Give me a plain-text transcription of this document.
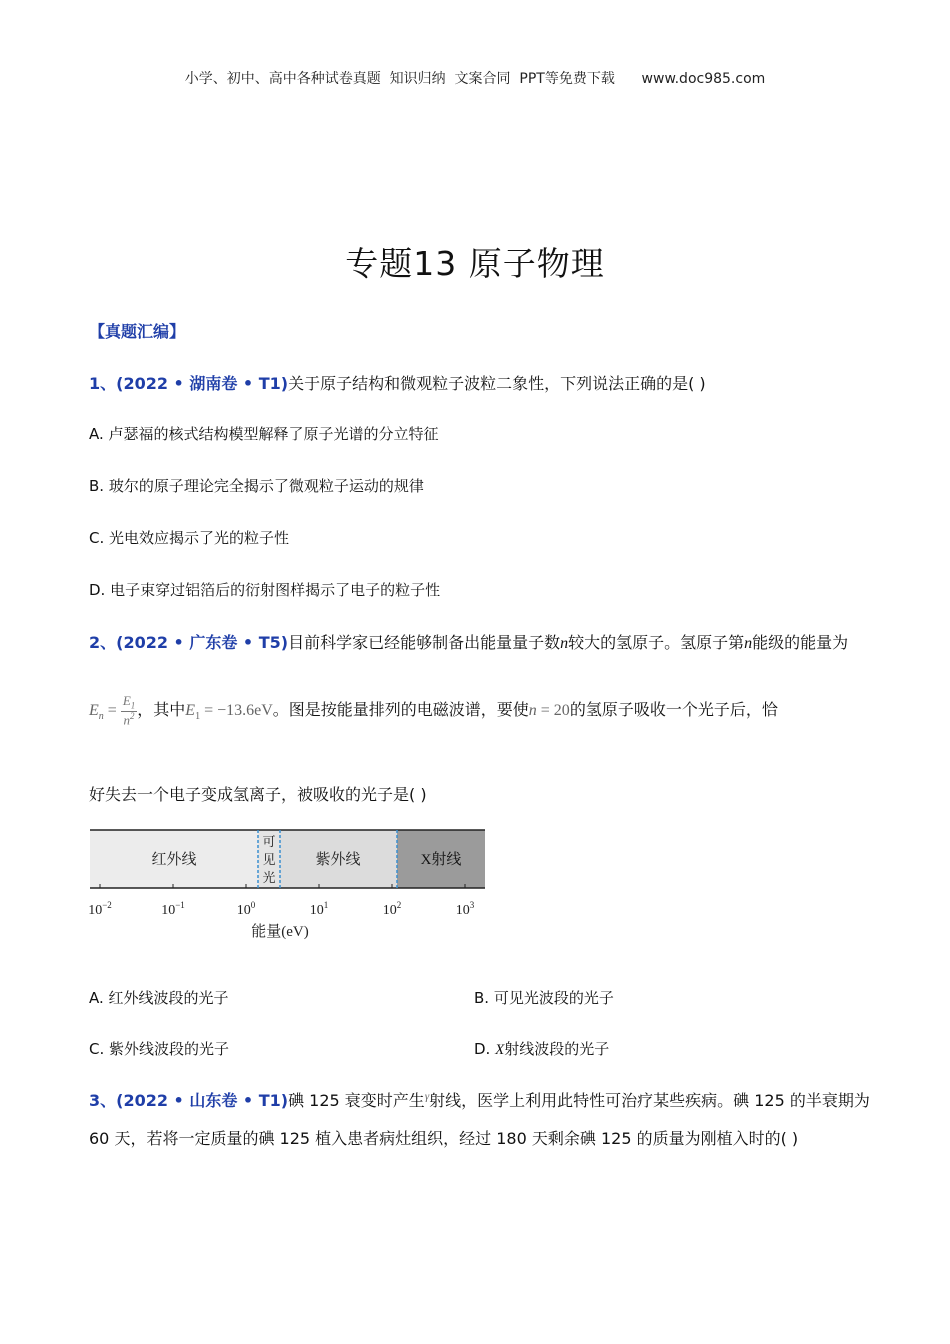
小学、初中、高中各种试卷真题  知识归纳  文案合同  PPT等免费下载      www.doc985.com
专题13 原子物理
【真题汇编】
1、(2022 • 湖南卷 • T1)关于原子结构和微观粒子波粒二象性，下列说法正确的是( )
A. 卢瑟福的核式结构模型解释了原子光谱的分立特征
B. 玻尔的原子理论完全揭示了微观粒子运动的规律
C. 光电效应揭示了光的粒子性
D. 电子束穿过铝箔后的衍射图样揭示了电子的粒子性
2、(2022 • 广东卷 • T5)目前科学家已经能够制备出能量量子数n较大的氢原子。氢原子第n能级的能量为
$E_n = \frac{E_1}{n^2}$ ，其中$E_1 = -13.6eV$。图是按能量排列的电磁波谱，要使n = 20的氢原子吸收一个光子后，恰
好失去一个电子变成氢离子，被吸收的光子是( )
红外线
可
见
光
紫外线	X射线
$10^{-2}$	$10^{-1}$	$10^0$	$10^1$	$10^2$	$10^3$
能量(eV)
A. 红外线波段的光子	B. 可见光波段的光子
C. 紫外线波段的光子	D. X射线波段的光子
3、(2022 • 山东卷 • T1)碘 125 衰变时产生$^\gamma$射线，医学上利用此特性可治疗某些疾病。碘 125 的半衰期为
60 天，若将一定质量的碘 125 植入患者病灶组织，经过 180 天剩余碘 125 的质量为刚植入时的( )
